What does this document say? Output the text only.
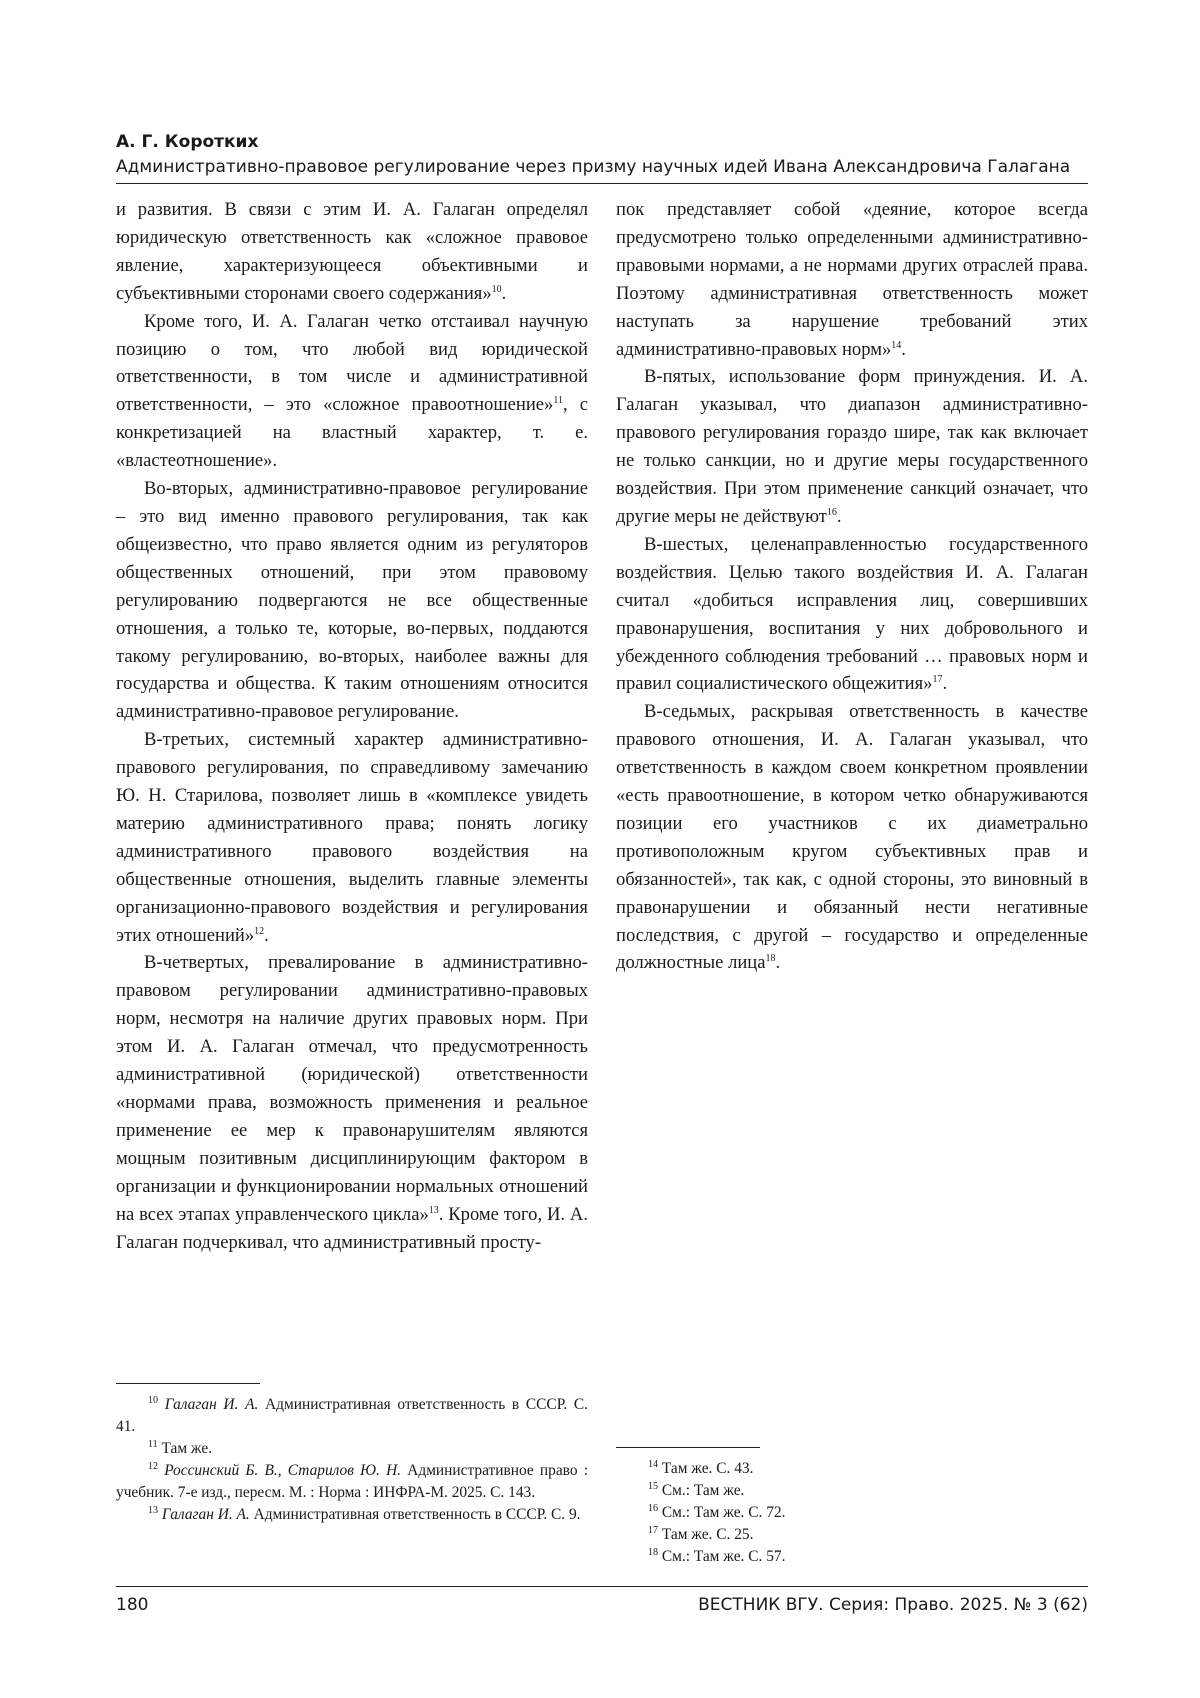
А. Г. Коротких
Административно-правовое регулирование через призму научных идей Ивана Александровича Галагана

и развития. В связи с этим И. А. Галаган определял юридическую ответственность как «сложное правовое явление, характеризующееся объективными и субъективными сторонами своего содержания»$^{10}$.

Кроме того, И. А. Галаган четко отстаивал научную позицию о том, что любой вид юридической ответственности, в том числе и административной ответственности, – это «сложное правоотношение»$^{11}$, с конкретизацией на властный характер, т. е. «властеотношение».

Во-вторых, административно-правовое регулирование – это вид именно правового регулирования, так как общеизвестно, что право является одним из регуляторов общественных отношений, при этом правовому регулированию подвергаются не все общественные отношения, а только те, которые, во-первых, поддаются такому регулированию, во-вторых, наиболее важны для государства и общества. К таким отношениям относится административно-правовое регулирование.

В-третьих, системный характер административно-правового регулирования, по справедливому замечанию Ю. Н. Старилова, позволяет лишь в «комплексе увидеть материю административного права; понять логику административного правового воздействия на общественные отношения, выделить главные элементы организационно-правового воздействия и регулирования этих отношений»$^{12}$.

В-четвертых, превалирование в административно-правовом регулировании административно-правовых норм, несмотря на наличие других правовых норм. При этом И. А. Галаган отмечал, что предусмотренность административной (юридической) ответственности «нормами права, возможность применения и реальное применение ее мер к правонарушителям являются мощным позитивным дисциплинирующим фактором в организации и функционировании нормальных отношений на всех этапах управленческого цикла»$^{13}$. Кроме того, И. А. Галаган подчеркивал, что административный просту-

пок представляет собой «деяние, которое всегда предусмотрено только определенными административно-правовыми нормами, а не нормами других отраслей права. Поэтому административная ответственность может наступать за нарушение требований этих административно-правовых норм»$^{14}$.

В-пятых, использование форм принуждения. И. А. Галаган указывал, что диапазон административно-правового регулирования гораздо шире, так как включает не только санкции, но и другие меры государственного воздействия. При этом применение санкций означает, что другие меры не действуют$^{16}$.

В-шестых, целенаправленностью государственного воздействия. Целью такого воздействия И. А. Галаган считал «добиться исправления лиц, совершивших правонарушения, воспитания у них добровольного и убежденного соблюдения требований … правовых норм и правил социалистического общежития»$^{17}$.

В-седьмых, раскрывая ответственность в качестве правового отношения, И. А. Галаган указывал, что ответственность в каждом своем конкретном проявлении «есть правоотношение, в котором четко обнаруживаются позиции его участников с их диаметрально противоположным кругом субъективных прав и обязанностей», так как, с одной стороны, это виновный в правонарушении и обязанный нести негативные последствия, с другой – государство и определенные должностные лица$^{18}$.

$^{10}$ Галаган И. А. Административная ответственность в СССР. С. 41.

$^{11}$ Там же.

$^{12}$ Россинский Б. В., Старилов Ю. Н. Административное право : учебник. 7-е изд., пересм. М. : Норма : ИНФРА-М. 2025. С. 143.

$^{13}$ Галаган И. А. Административная ответственность в СССР. С. 9.

$^{14}$ Там же. С. 43.

$^{15}$ См.: Там же.

$^{16}$ См.: Там же. С. 72.

$^{17}$ Там же. С. 25.

$^{18}$ См.: Там же. С. 57.

180	ВЕСТНИК ВГУ. Серия: Право. 2025. № 3 (62)
